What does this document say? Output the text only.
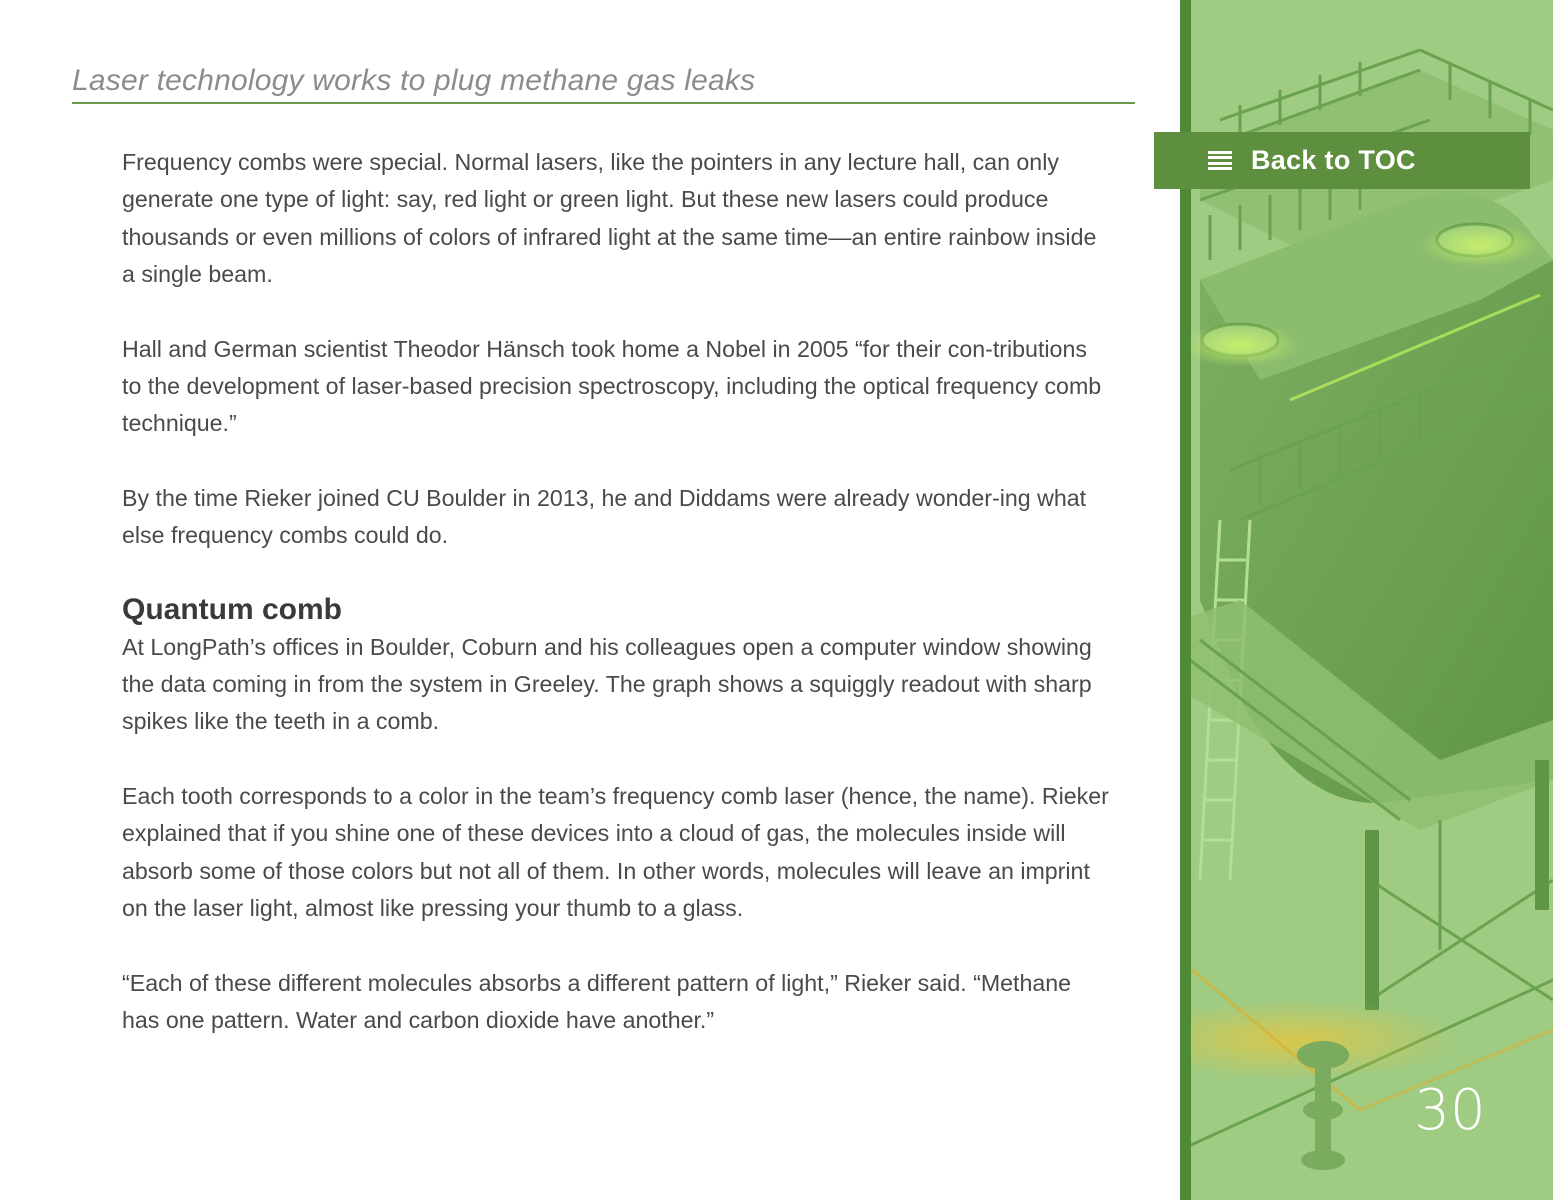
Laser technology works to plug methane gas leaks

Frequency combs were special. Normal lasers, like the pointers in any lecture hall, can only generate one type of light: say, red light or green light. But these new lasers could produce thousands or even millions of colors of infrared light at the same time—an entire rainbow inside a single beam.

Hall and German scientist Theodor Hänsch took home a Nobel in 2005 “for their con-tributions to the development of laser-based precision spectroscopy, including the optical frequency comb technique.”

By the time Rieker joined CU Boulder in 2013, he and Diddams were already wonder-ing what else frequency combs could do.

Quantum comb

At LongPath’s offices in Boulder, Coburn and his colleagues open a computer window showing the data coming in from the system in Greeley. The graph shows a squiggly readout with sharp spikes like the teeth in a comb.

Each tooth corresponds to a color in the team’s frequency comb laser (hence, the name). Rieker explained that if you shine one of these devices into a cloud of gas, the molecules inside will absorb some of those colors but not all of them. In other words, molecules will leave an imprint on the laser light, almost like pressing your thumb to a glass.

“Each of these different molecules absorbs a different pattern of light,” Rieker said. “Methane has one pattern. Water and carbon dioxide have another.”

Back to TOC
30
